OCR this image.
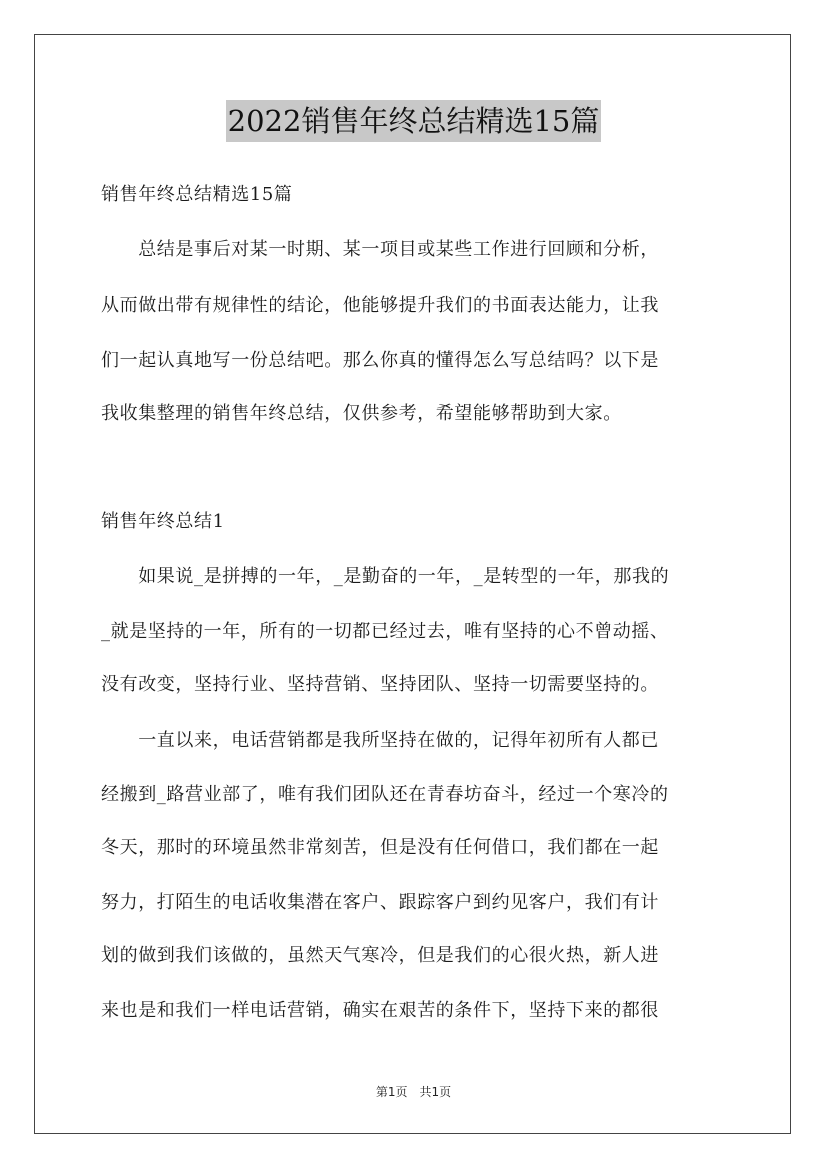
2022销售年终总结精选15篇
销售年终总结精选15篇
　　总结是事后对某一时期、某一项目或某些工作进行回顾和分析，
从而做出带有规律性的结论，他能够提升我们的书面表达能力，让我
们一起认真地写一份总结吧。那么你真的懂得怎么写总结吗？以下是
我收集整理的销售年终总结，仅供参考，希望能够帮助到大家。
销售年终总结1
　　如果说_是拼搏的一年，_是勤奋的一年，_是转型的一年，那我的
_就是坚持的一年，所有的一切都已经过去，唯有坚持的心不曾动摇、
没有改变，坚持行业、坚持营销、坚持团队、坚持一切需要坚持的。
　　一直以来，电话营销都是我所坚持在做的，记得年初所有人都已
经搬到_路营业部了，唯有我们团队还在青春坊奋斗，经过一个寒冷的
冬天，那时的环境虽然非常刻苦，但是没有任何借口，我们都在一起
努力，打陌生的电话收集潜在客户、跟踪客户到约见客户，我们有计
划的做到我们该做的，虽然天气寒冷，但是我们的心很火热，新人进
来也是和我们一样电话营销，确实在艰苦的条件下，坚持下来的都很
第1页　共1页
